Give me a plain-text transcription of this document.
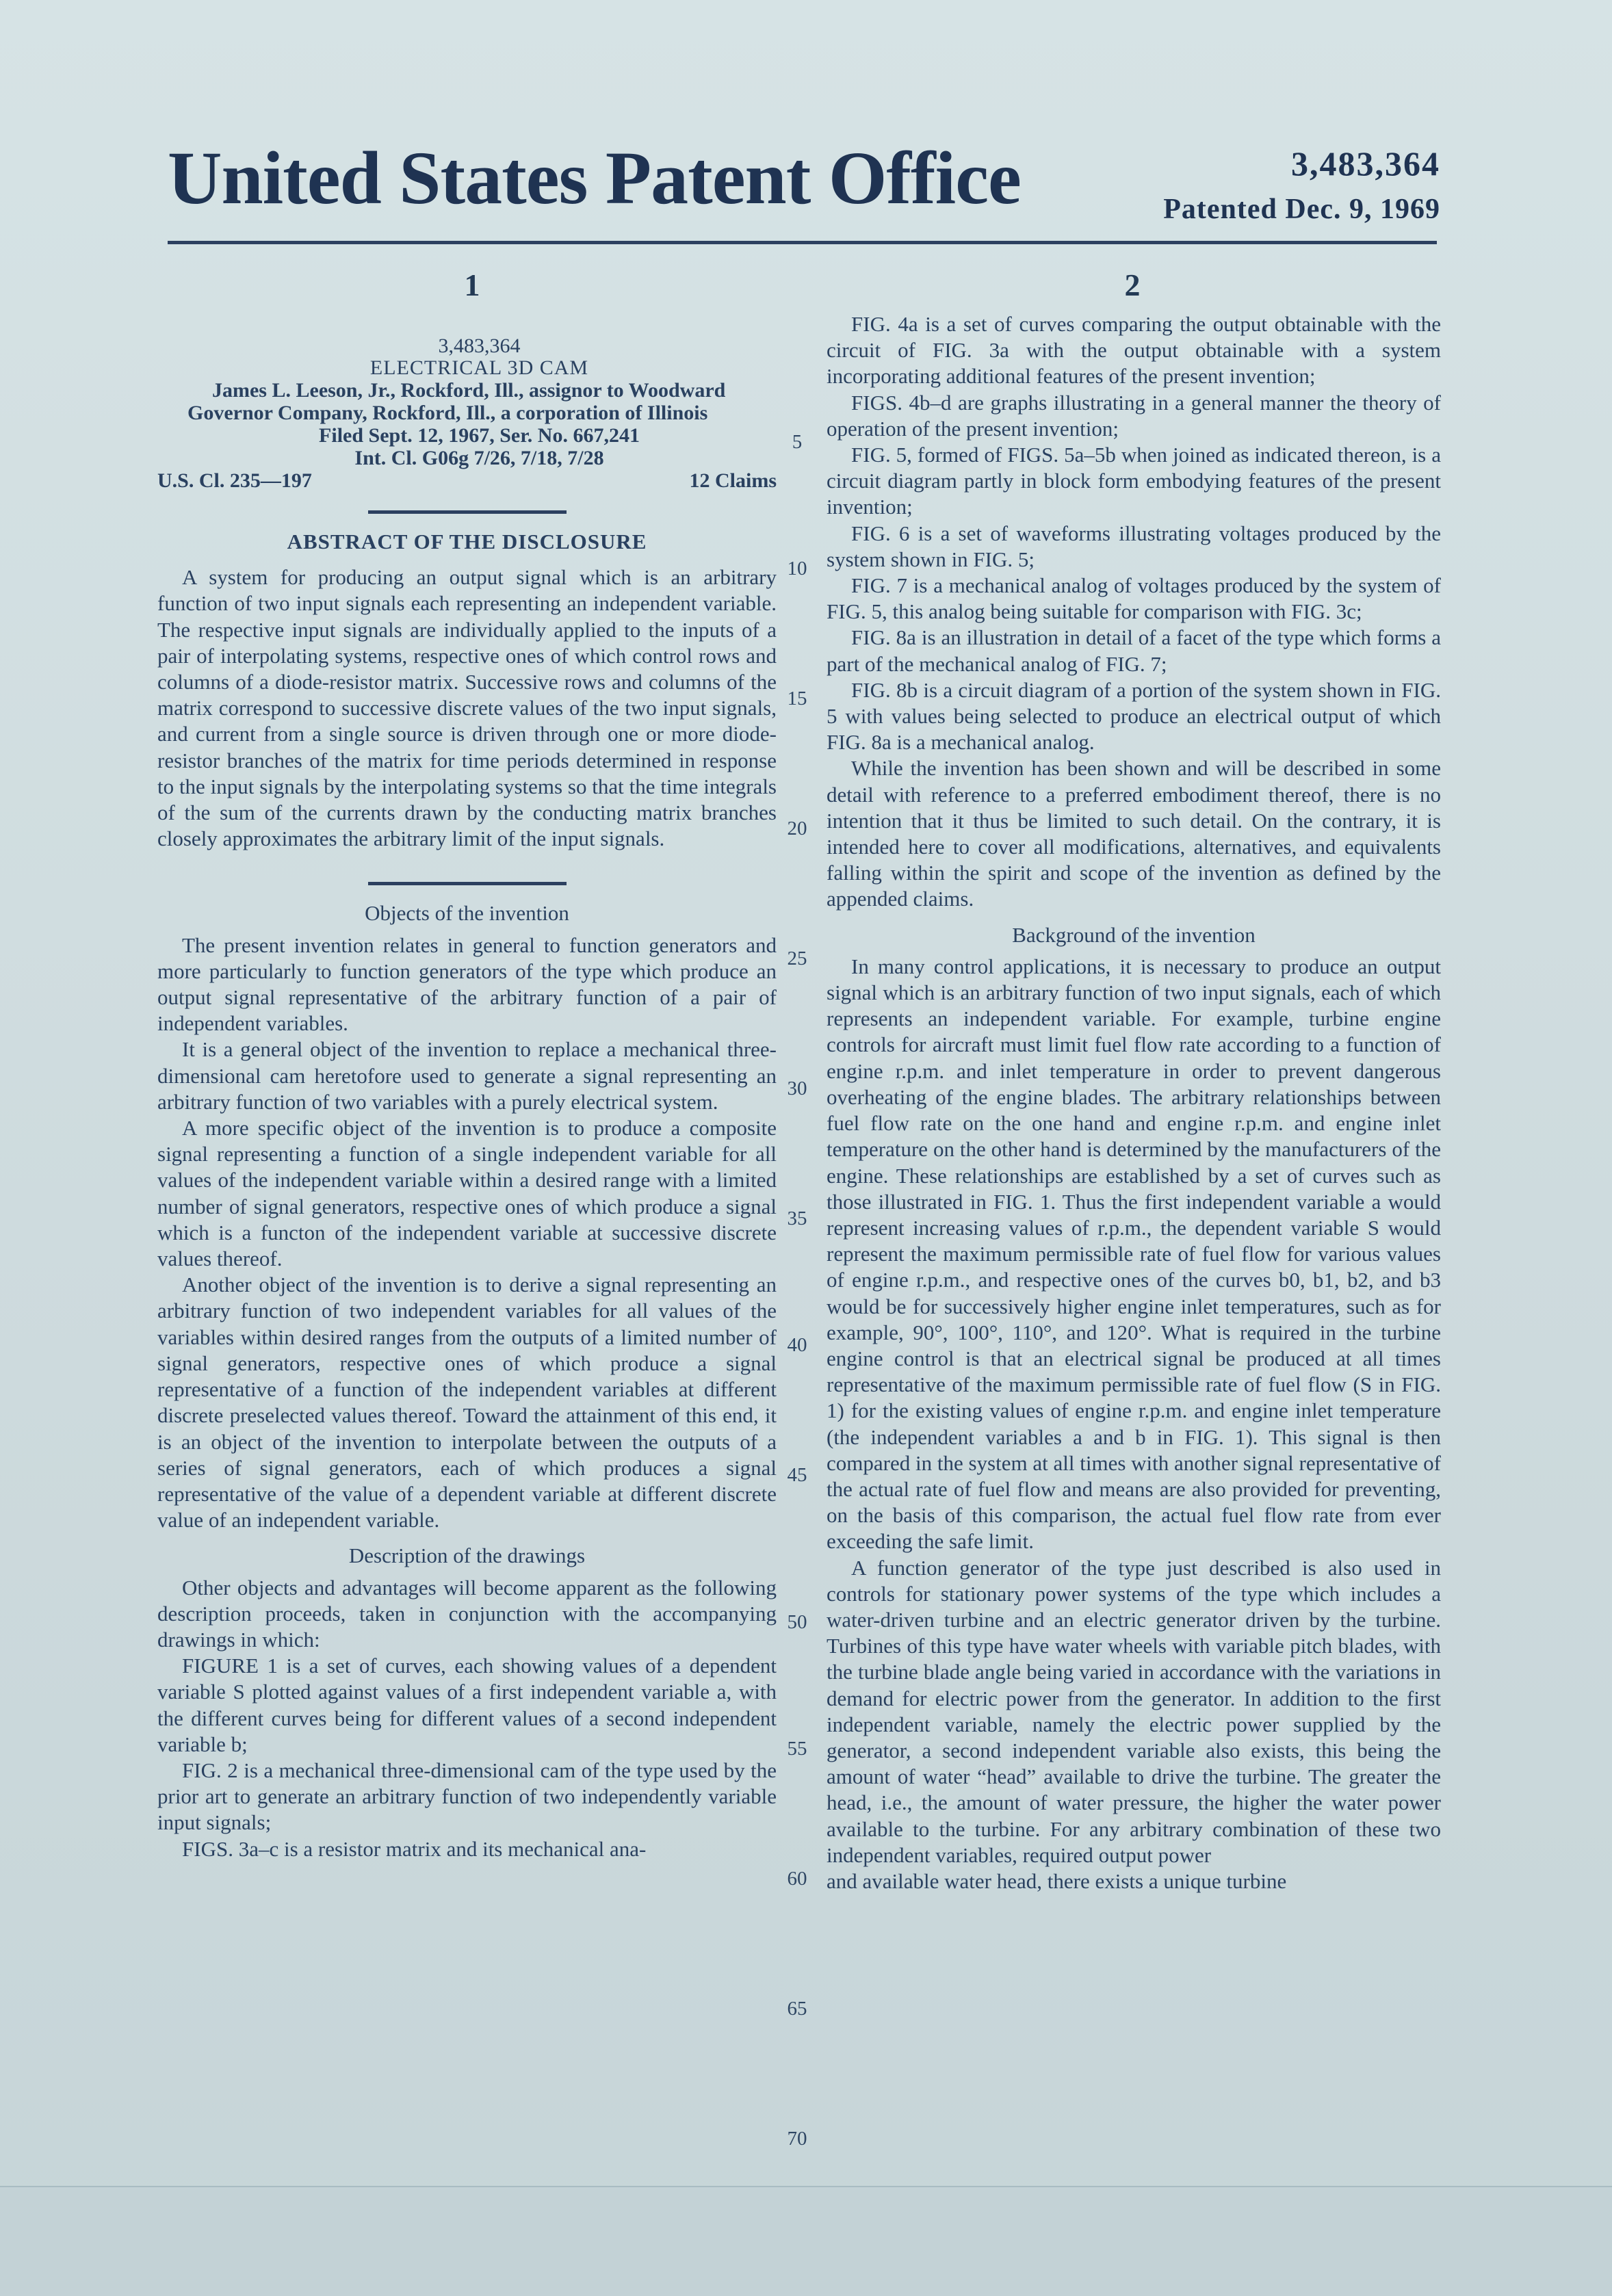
United States Patent Office	3,483,364
Patented Dec. 9, 1969
1	2

3,483,364

ELECTRICAL 3D CAM

James L. Leeson, Jr., Rockford, Ill., assignor to Woodward Governor Company, Rockford, Ill., a corporation of Illinois

Filed Sept. 12, 1967, Ser. No. 667,241

Int. Cl. G06g 7/26, 7/18, 7/28

U.S. Cl. 235—197	12 Claims

ABSTRACT OF THE DISCLOSURE

A system for producing an output signal which is an arbitrary function of two input signals each representing an independent variable. The respective input signals are individually applied to the inputs of a pair of interpolating systems, respective ones of which control rows and columns of a diode-resistor matrix. Successive rows and columns of the matrix correspond to successive discrete values of the two input signals, and current from a single source is driven through one or more diode-resistor branches of the matrix for time periods determined in response to the input signals by the interpolating systems so that the time integrals of the sum of the currents drawn by the conducting matrix branches closely approximates the arbitrary limit of the input signals.

Objects of the invention

The present invention relates in general to function generators and more particularly to function generators of the type which produce an output signal representative of the arbitrary function of a pair of independent variables.

It is a general object of the invention to replace a mechanical three-dimensional cam heretofore used to generate a signal representing an arbitrary function of two variables with a purely electrical system.

A more specific object of the invention is to produce a composite signal representing a function of a single independent variable for all values of the independent variable within a desired range with a limited number of signal generators, respective ones of which produce a signal which is a functon of the independent variable at successive discrete values thereof.

Another object of the invention is to derive a signal representing an arbitrary function of two independent variables for all values of the variables within desired ranges from the outputs of a limited number of signal generators, respective ones of which produce a signal representative of a function of the independent variables at different discrete preselected values thereof. Toward the attainment of this end, it is an object of the invention to interpolate between the outputs of a series of signal generators, each of which produces a signal representative of the value of a dependent variable at different discrete value of an independent variable.

Description of the drawings

Other objects and advantages will become apparent as the following description proceeds, taken in conjunction with the accompanying drawings in which:

FIGURE 1 is a set of curves, each showing values of a dependent variable S plotted against values of a first independent variable a, with the different curves being for different values of a second independent variable b;

FIG. 2 is a mechanical three-dimensional cam of the type used by the prior art to generate an arbitrary function of two independently variable input signals;

FIGS. 3a–c is a resistor matrix and its mechanical ana-

5
10
15
20
25
30
35
40
45
50
55
60
65
70

FIG. 4a is a set of curves comparing the output obtainable with the circuit of FIG. 3a with the output obtainable with a system incorporating additional features of the present invention;

FIGS. 4b–d are graphs illustrating in a general manner the theory of operation of the present invention;

FIG. 5, formed of FIGS. 5a–5b when joined as indicated thereon, is a circuit diagram partly in block form embodying features of the present invention;

FIG. 6 is a set of waveforms illustrating voltages produced by the system shown in FIG. 5;

FIG. 7 is a mechanical analog of voltages produced by the system of FIG. 5, this analog being suitable for comparison with FIG. 3c;

FIG. 8a is an illustration in detail of a facet of the type which forms a part of the mechanical analog of FIG. 7;

FIG. 8b is a circuit diagram of a portion of the system shown in FIG. 5 with values being selected to produce an electrical output of which FIG. 8a is a mechanical analog.

While the invention has been shown and will be described in some detail with reference to a preferred embodiment thereof, there is no intention that it thus be limited to such detail. On the contrary, it is intended here to cover all modifications, alternatives, and equivalents falling within the spirit and scope of the invention as defined by the appended claims.

Background of the invention

In many control applications, it is necessary to produce an output signal which is an arbitrary function of two input signals, each of which represents an independent variable. For example, turbine engine controls for aircraft must limit fuel flow rate according to a function of engine r.p.m. and inlet temperature in order to prevent dangerous overheating of the engine blades. The arbitrary relationships between fuel flow rate on the one hand and engine r.p.m. and engine inlet temperature on the other hand is determined by the manufacturers of the engine. These relationships are established by a set of curves such as those illustrated in FIG. 1. Thus the first independent variable a would represent increasing values of r.p.m., the dependent variable S would represent the maximum permissible rate of fuel flow for various values of engine r.p.m., and respective ones of the curves b0, b1, b2, and b3 would be for successively higher engine inlet temperatures, such as for example, 90°, 100°, 110°, and 120°. What is required in the turbine engine control is that an electrical signal be produced at all times representative of the maximum permissible rate of fuel flow (S in FIG. 1) for the existing values of engine r.p.m. and engine inlet temperature (the independent variables a and b in FIG. 1). This signal is then compared in the system at all times with another signal representative of the actual rate of fuel flow and means are also provided for preventing, on the basis of this comparison, the actual fuel flow rate from ever exceeding the safe limit.

A function generator of the type just described is also used in controls for stationary power systems of the type which includes a water-driven turbine and an electric generator driven by the turbine. Turbines of this type have water wheels with variable pitch blades, with the turbine blade angle being varied in accordance with the variations in demand for electric power from the generator. In addition to the first independent variable, namely the electric power supplied by the generator, a second independent variable also exists, this being the amount of water “head” available to drive the turbine. The greater the head, i.e., the amount of water pressure, the higher the water power available to the turbine. For any arbitrary combination of these two independent variables, required output power

and available water head, there exists a unique turbine
